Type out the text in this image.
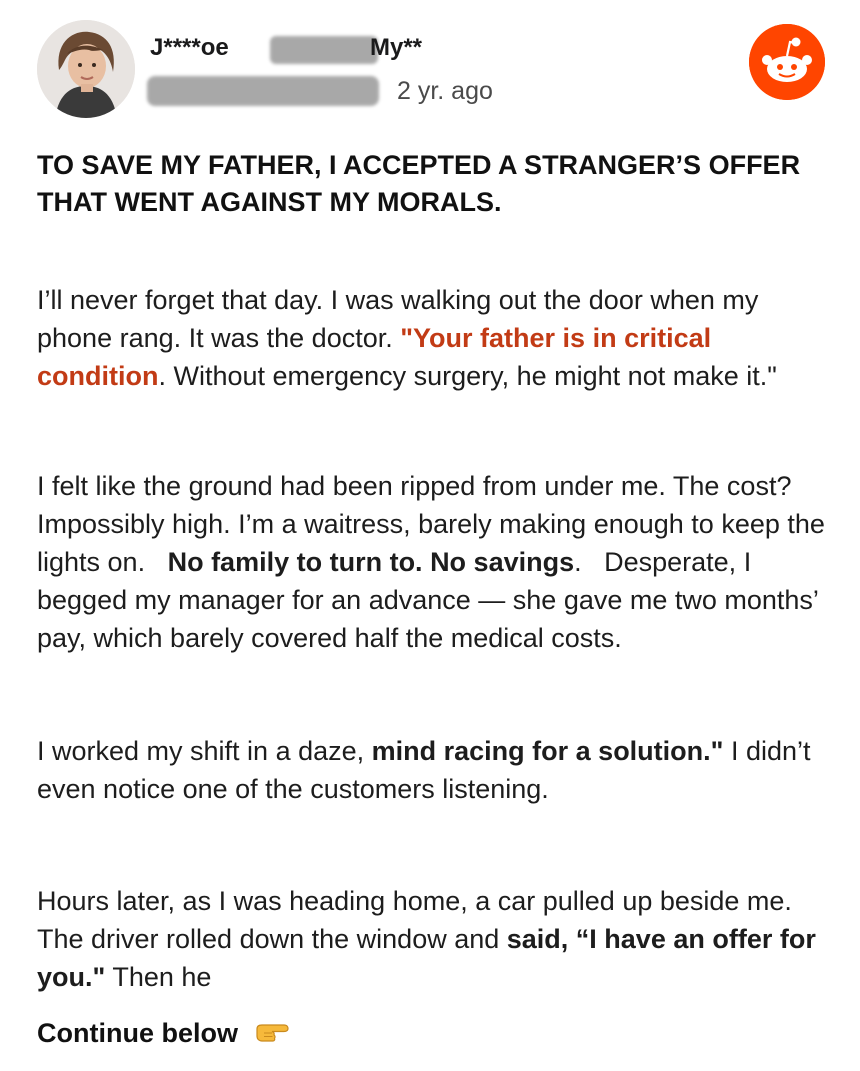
J****oe	My**
2 yr. ago
TO SAVE MY FATHER, I ACCEPTED A STRANGER’S OFFER THAT WENT AGAINST MY MORALS.

I’ll never forget that day. I was walking out the door when my phone rang. It was the doctor. "Your father is in critical condition. Without emergency surgery, he might not make it."

I felt like the ground had been ripped from under me. The cost? Impossibly high. I’m a waitress, barely making enough to keep the lights on.   No family to turn to. No savings.   Desperate, I begged my manager for an advance — she gave me two months’ pay, which barely covered half the medical costs.

I worked my shift in a daze, mind racing for a solution." I didn’t even notice one of the customers listening.

Hours later, as I was heading home, a car pulled up beside me. The driver rolled down the window and said, “I have an offer for you." Then he

Continue below
